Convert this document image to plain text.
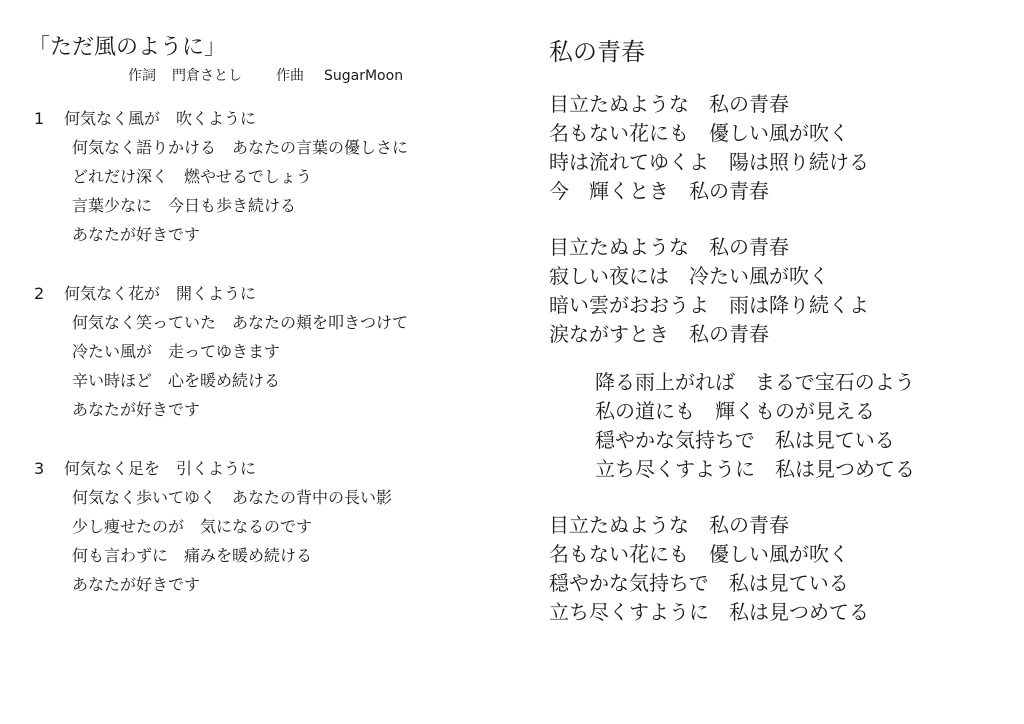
「ただ風のように」
作詞 門倉さとし 作曲 SugarMoon
1	何気なく風が　吹くように
何気なく語りかける　あなたの言葉の優しさに
どれだけ深く　燃やせるでしょう
言葉少なに　今日も歩き続ける
あなたが好きです
2	何気なく花が　開くように
何気なく笑っていた　あなたの頬を叩きつけて
冷たい風が　走ってゆきます
辛い時ほど　心を暖め続ける
あなたが好きです
3	何気なく足を　引くように
何気なく歩いてゆく　あなたの背中の長い影
少し痩せたのが　気になるのです
何も言わずに　痛みを暖め続ける
あなたが好きです
私の青春
目立たぬような　私の青春
名もない花にも　優しい風が吹く
時は流れてゆくよ　陽は照り続ける
今　輝くとき　私の青春
目立たぬような　私の青春
寂しい夜には　冷たい風が吹く
暗い雲がおおうよ　雨は降り続くよ
涙ながすとき　私の青春
降る雨上がれば　まるで宝石のよう
私の道にも　輝くものが見える
穏やかな気持ちで　私は見ている
立ち尽くすように　私は見つめてる
目立たぬような　私の青春
名もない花にも　優しい風が吹く
穏やかな気持ちで　私は見ている
立ち尽くすように　私は見つめてる
